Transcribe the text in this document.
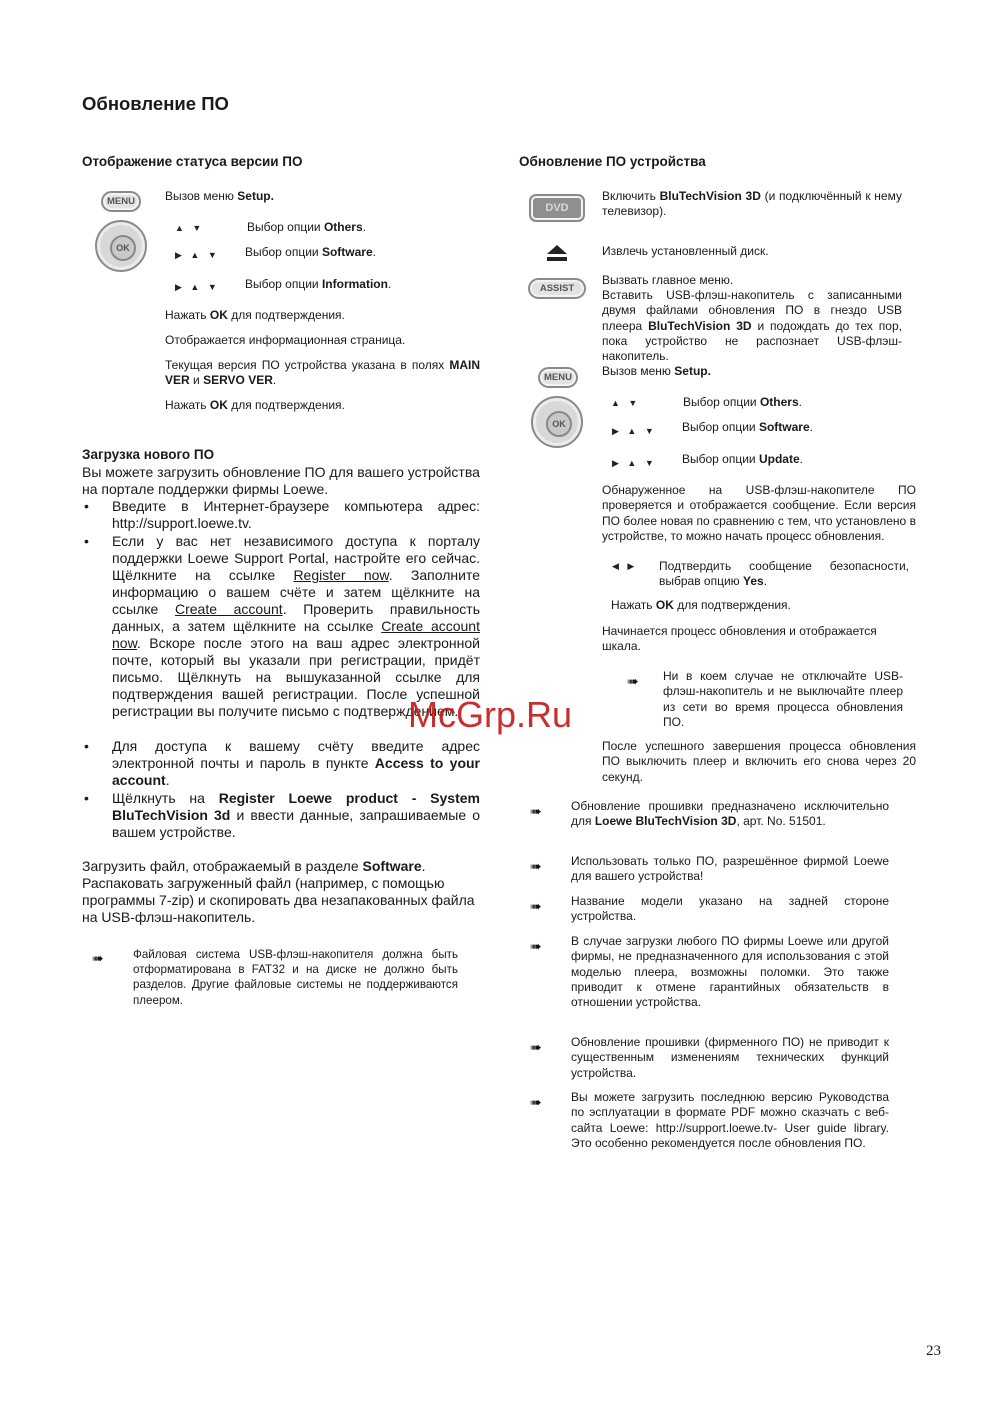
Обновление ПО
Отображение статуса версии ПО
MENU
OK
Вызов меню Setup.
▲ ▼	Выбор опции Others.
▶ ▲ ▼ Выбор опции Software.
▶ ▲ ▼ Выбор опции Information.
Нажать OK для подтверждения.
Отображается информационная страница.
Текущая версия ПО устройства указана в полях MAIN VER и SERVO VER.
Нажать OK для подтверждения.
Загрузка нового ПО
Вы можете загрузить обновление ПО для вашего устройства на портале поддержки фирмы Loewe.
• Введите в Интернет-браузере компьютера адрес: http://support.loewe.tv.
• Если у вас нет независимого доступа к порталу поддержки Loewe Support Portal, настройте его сейчас. Щёлкните на ссылке Register now. Заполните информацию о вашем счёте и затем щёлкните на ссылке Create account. Проверить правильность данных, а затем щёлкните на ссылке Create account now. Вскоре после этого на ваш адрес электронной почте, который вы указали при регистрации, придёт письмо. Щёлкнуть на вышуказанной ссылке для подтверждения вашей регистрации. После успешной регистрации вы получите письмо с подтверждением.
• Для доступа к вашему счёту введите адрес электронной почты и пароль в пункте Access to your account.
• Щёлкнуть на Register Loewe product - System BluTechVision 3d и ввести данные, запрашиваемые о вашем устройстве.
Загрузить файл, отображаемый в разделе Software.
Распаковать загруженный файл (например, с помощью программы 7-zip) и скопировать два незапакованных файла на USB-флэш-накопитель.
➠	Файловая система USB-флэш-накопителя должна быть отформатирована в FAT32 и на диске не должно быть разделов. Другие файловые системы не поддерживаются плеером.
Обновление ПО устройства
DVD
Включить BluTechVision 3D (и подключённый к нему телевизор).
Извлечь установленный диск.
ASSIST
Вызвать главное меню.
Вставить USB-флэш-накопитель с записанными двумя файлами обновления ПО в гнездо USB плеера BluTechVision 3D и подождать до тех пор, пока устройство не распознает USB-флэш-накопитель.
MENU	Вызов меню Setup.
OK
▲ ▼	Выбор опции Others.
▶ ▲ ▼ Выбор опции Software.
▶ ▲ ▼ Выбор опции Update.
Обнаруженное на USB-флэш-накопителе ПО проверяется и отображается сообщение. Если версия ПО более новая по сравнению с тем, что установлено в устройстве, то можно начать процесс обновления.
◀ ▶ Подтвердить сообщение безопасности, выбрав опцию Yes.
Нажать OK для подтверждения.
Начинается процесс обновления и отображается шкала.
➠ Ни в коем случае не отключайте USB-флэш-накопитель и не выключайте плеер из сети во время процесса обновления ПО.
После успешного завершения процесса обновления ПО выключить плеер и включить его снова через 20 секунд.
➠ Обновление прошивки предназначено исключительно для Loewe BluTechVision 3D, арт. No. 51501.
➠ Использовать только ПО, разрешённое фирмой Loewe для вашего устройства!
➠ Название модели указано на задней стороне устройства.
➠ В случае загрузки любого ПО фирмы Loewe или другой фирмы, не предназначенного для использования с этой моделью плеера, возможны поломки. Это также приводит к отмене гарантийных обязательств в отношении устройства.
➠ Обновление прошивки (фирменного ПО) не приводит к существенным изменениям технических функций устройства.
➠ Вы можете загрузить последнюю версию Руководства по эсплуатации в формате PDF можно сказчать с веб-сайта Loewe: http://support.loewe.tv- User guide library. Это особенно рекомендуется после обновления ПО.
McGrp.Ru
23
